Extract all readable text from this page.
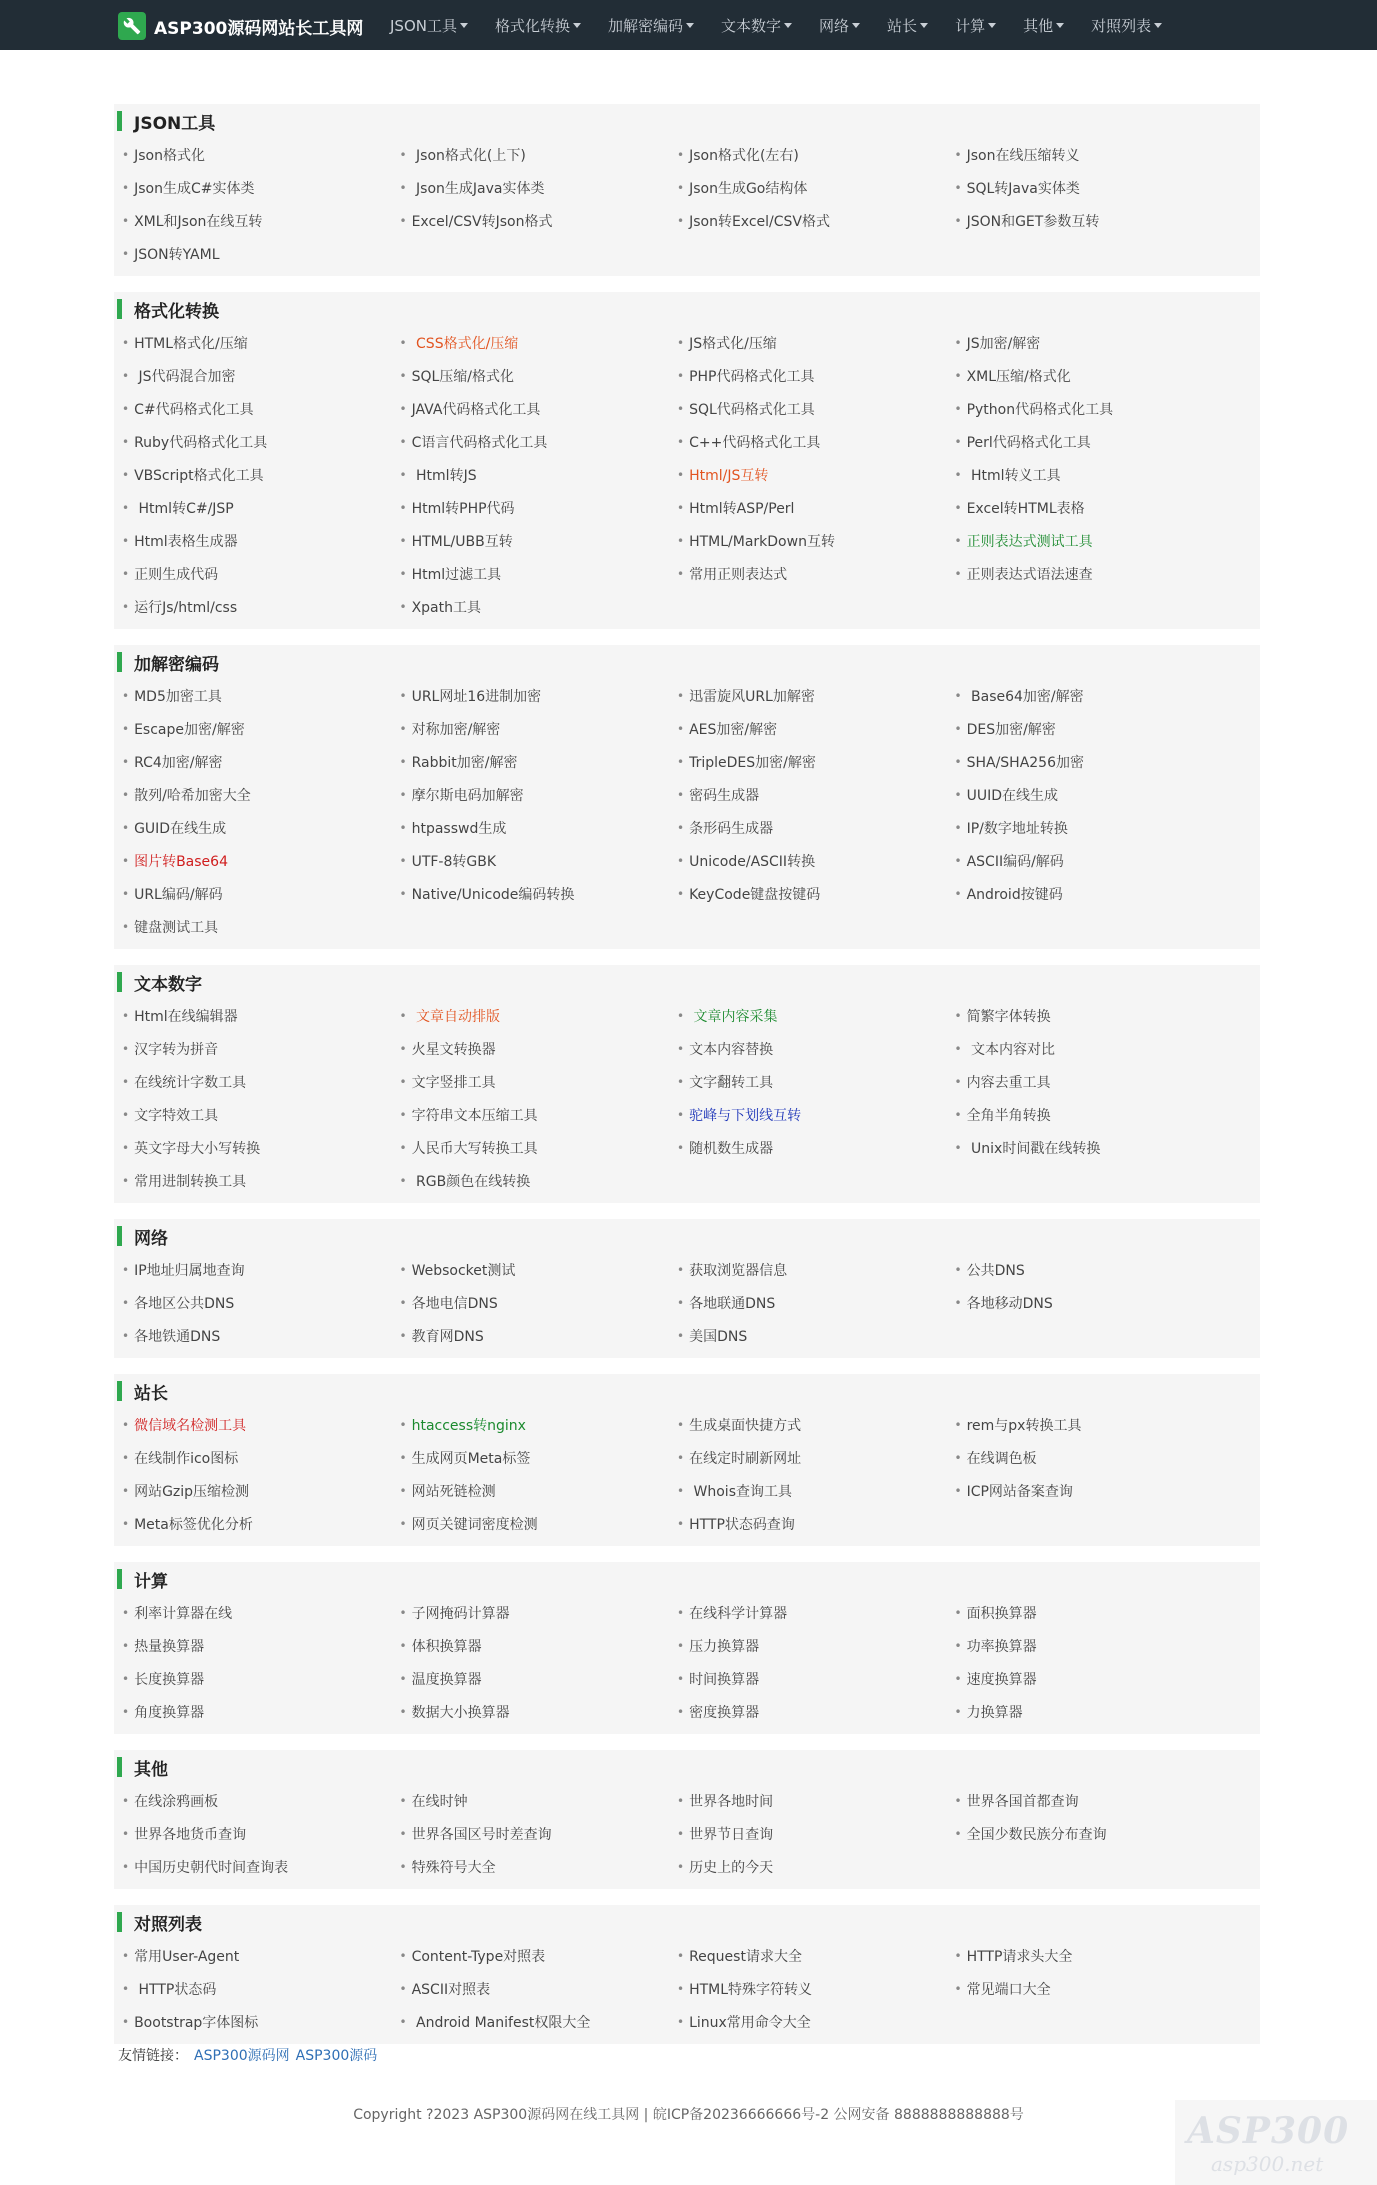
ASP300源码网站长工具网 JSON工具	格式化转换	加解密编码	文本数字	网络	站长	计算	其他	对照列表
JSON工具
• Json格式化	• Json格式化(上下)	• Json格式化(左右)	• Json在线压缩转义
• Json生成C#实体类	• Json生成Java实体类	• Json生成Go结构体	• SQL转Java实体类
• XML和Json在线互转	• Excel/CSV转Json格式	• Json转Excel/CSV格式	• JSON和GET参数互转
• JSON转YAML
格式化转换
• HTML格式化/压缩	• CSS格式化/压缩	• JS格式化/压缩	• JS加密/解密
• JS代码混合加密	• SQL压缩/格式化	• PHP代码格式化工具	• XML压缩/格式化
• C#代码格式化工具	• JAVA代码格式化工具	• SQL代码格式化工具	• Python代码格式化工具
• Ruby代码格式化工具	• C语言代码格式化工具	• C++代码格式化工具	• Perl代码格式化工具
• VBScript格式化工具	• Html转JS	• Html/JS互转	• Html转义工具
• Html转C#/JSP	• Html转PHP代码	• Html转ASP/Perl	• Excel转HTML表格
• Html表格生成器	• HTML/UBB互转	• HTML/MarkDown互转	• 正则表达式测试工具
• 正则生成代码	• Html过滤工具	• 常用正则表达式	• 正则表达式语法速查
• 运行Js/html/css	• Xpath工具
加解密编码
• MD5加密工具	• URL网址16进制加密	• 迅雷旋风URL加解密	• Base64加密/解密
• Escape加密/解密	• 对称加密/解密	• AES加密/解密	• DES加密/解密
• RC4加密/解密	• Rabbit加密/解密	• TripleDES加密/解密	• SHA/SHA256加密
• 散列/哈希加密大全	• 摩尔斯电码加解密	• 密码生成器	• UUID在线生成
• GUID在线生成	• htpasswd生成	• 条形码生成器	• IP/数字地址转换
• 图片转Base64	• UTF-8转GBK	• Unicode/ASCII转换	• ASCII编码/解码
• URL编码/解码	• Native/Unicode编码转换	• KeyCode键盘按键码	• Android按键码
• 键盘测试工具
文本数字
• Html在线编辑器	• 文章自动排版	• 文章内容采集	• 简繁字体转换
• 汉字转为拼音	• 火星文转换器	• 文本内容替换	• 文本内容对比
• 在线统计字数工具	• 文字竖排工具	• 文字翻转工具	• 内容去重工具
• 文字特效工具	• 字符串文本压缩工具	• 驼峰与下划线互转	• 全角半角转换
• 英文字母大小写转换	• 人民币大写转换工具	• 随机数生成器	• Unix时间戳在线转换
• 常用进制转换工具	• RGB颜色在线转换
网络
• IP地址归属地查询	• Websocket测试	• 获取浏览器信息	• 公共DNS
• 各地区公共DNS	• 各地电信DNS	• 各地联通DNS	• 各地移动DNS
• 各地铁通DNS	• 教育网DNS	• 美国DNS
站长
• 微信域名检测工具	• htaccess转nginx	• 生成桌面快捷方式	• rem与px转换工具
• 在线制作ico图标	• 生成网页Meta标签	• 在线定时刷新网址	• 在线调色板
• 网站Gzip压缩检测	• 网站死链检测	• Whois查询工具	• ICP网站备案查询
• Meta标签优化分析	• 网页关键词密度检测	• HTTP状态码查询
计算
• 利率计算器在线	• 子网掩码计算器	• 在线科学计算器	• 面积换算器
• 热量换算器	• 体积换算器	• 压力换算器	• 功率换算器
• 长度换算器	• 温度换算器	• 时间换算器	• 速度换算器
• 角度换算器	• 数据大小换算器	• 密度换算器	• 力换算器
其他
• 在线涂鸦画板	• 在线时钟	• 世界各地时间	• 世界各国首都查询
• 世界各地货币查询	• 世界各国区号时差查询	• 世界节日查询	• 全国少数民族分布查询
• 中国历史朝代时间查询表	• 特殊符号大全	• 历史上的今天
对照列表
• 常用User-Agent	• Content-Type对照表	• Request请求大全	• HTTP请求头大全
• HTTP状态码	• ASCII对照表	• HTML特殊字符转义	• 常见端口大全
• Bootstrap字体图标	• Android Manifest权限大全	• Linux常用命令大全
友情链接： ASP300源码网 ASP300源码
Copyright ?2023 ASP300源码网在线工具网 | 皖ICP备20236666666号-2 公网安备 8888888888888号	ASP300
asp300.net
